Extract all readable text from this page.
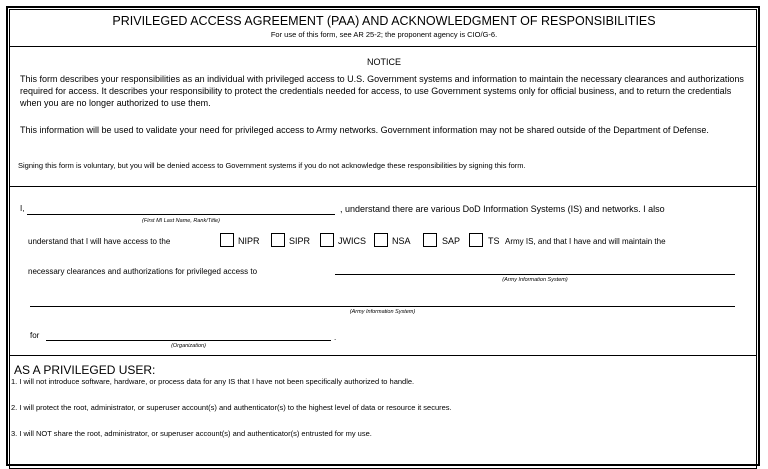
PRIVILEGED ACCESS AGREEMENT (PAA) AND ACKNOWLEDGMENT OF RESPONSIBILITIES
For use of this form, see AR 25-2; the proponent agency is CIO/G-6.
NOTICE
This form describes your responsibilities as an individual with privileged access to U.S. Government systems and information to maintain the necessary clearances and authorizations required for access. It describes your responsibility to protect the credentials needed for access, to use Government systems only for official business, and to return the credentials when you are no longer authorized to use them.
This information will be used to validate your need for privileged access to Army networks. Government information may not be shared outside of the Department of Defense.
Signing this form is voluntary, but you will be denied access to Government systems if you do not acknowledge these responsibilities by signing this form.
I,
(First MI Last Name, Rank/Title)
, understand there are various DoD Information Systems (IS) and networks. I also
understand that I will have access to the	NIPR	SIPR	JWICS	NSA	SAP	TS Army IS, and that I have and will maintain the
necessary clearances and authorizations for privileged access to
(Army Information System)
(Army Information System)
for
(Organization)
.
AS A PRIVILEGED USER:
1. I will not introduce software, hardware, or process data for any IS that I have not been specifically authorized to handle.
2. I will protect the root, administrator, or superuser account(s) and authenticator(s) to the highest level of data or resource it secures.
3. I will NOT share the root, administrator, or superuser account(s) and authenticator(s) entrusted for my use.
